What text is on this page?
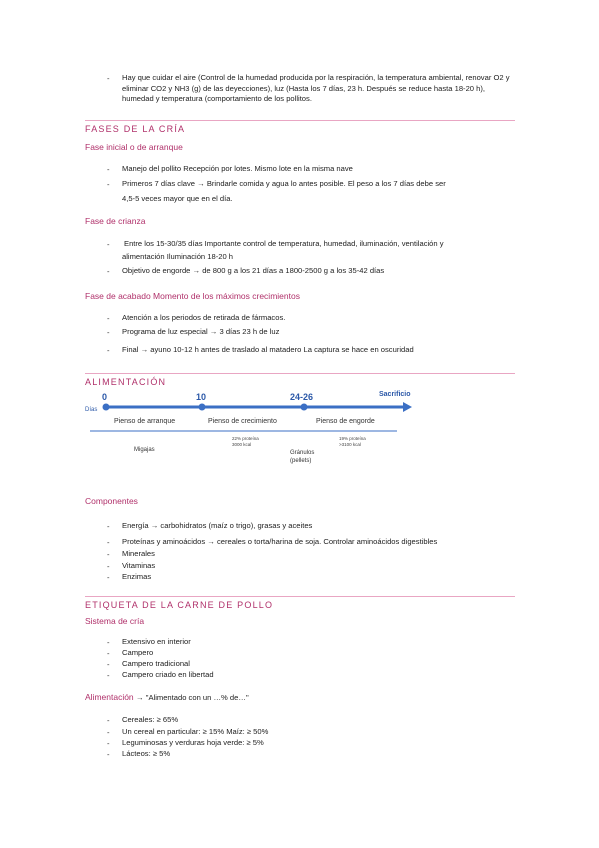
- Hay que cuidar el aire (Control de la humedad producida por la respiración, la temperatura ambiental, renovar O2 y eliminar CO2 y NH3 (g) de las deyecciones), luz (Hasta los 7 días, 23 h. Después se reduce hasta 18-20 h), humedad y temperatura (comportamiento de los pollitos.
FASES DE LA CRÍA
Fase inicial o de arranque
- Manejo del pollito Recepción por lotes. Mismo lote en la misma nave
- Primeros 7 días clave → Brindarle comida y agua lo antes posible. El peso a los 7 días debe ser
4,5-5 veces mayor que en el día.
Fase de crianza
- Entre los 15-30/35 días Importante control de temperatura, humedad, iluminación, ventilación y
alimentación Iluminación 18-20 h
- Objetivo de engorde → de 800 g a los 21 días a 1800-2500 g a los 35-42 días
Fase de acabado Momento de los máximos crecimientos
- Atención a los periodos de retirada de fármacos.
- Programa de luz especial → 3 días 23 h de luz
- Final → ayuno 10-12 h antes de traslado al matadero La captura se hace en oscuridad
ALIMENTACIÓN
Días
0	10	24-26	Sacrificio
Pienso de arranque	Pienso de crecimiento	Pienso de engorde
Migajas	Gránulos (pellets)
22% proteína
3000 kcal
19% proteína
>3100 kcal
Componentes
- Energía → carbohidratos (maíz o trigo), grasas y aceites
- Proteínas y aminoácidos → cereales o torta/harina de soja. Controlar aminoácidos digestibles
- Minerales
- Vitaminas
- Enzimas
ETIQUETA DE LA CARNE DE POLLO
Sistema de cría
- Extensivo en interior
- Campero
- Campero tradicional
- Campero criado en libertad
Alimentación → "Alimentado con un …% de…"
- Cereales: ≥ 65%
- Un cereal en particular: ≥ 15% Maíz: ≥ 50%
- Leguminosas y verduras hoja verde: ≥ 5%
- Lácteos: ≥ 5%
